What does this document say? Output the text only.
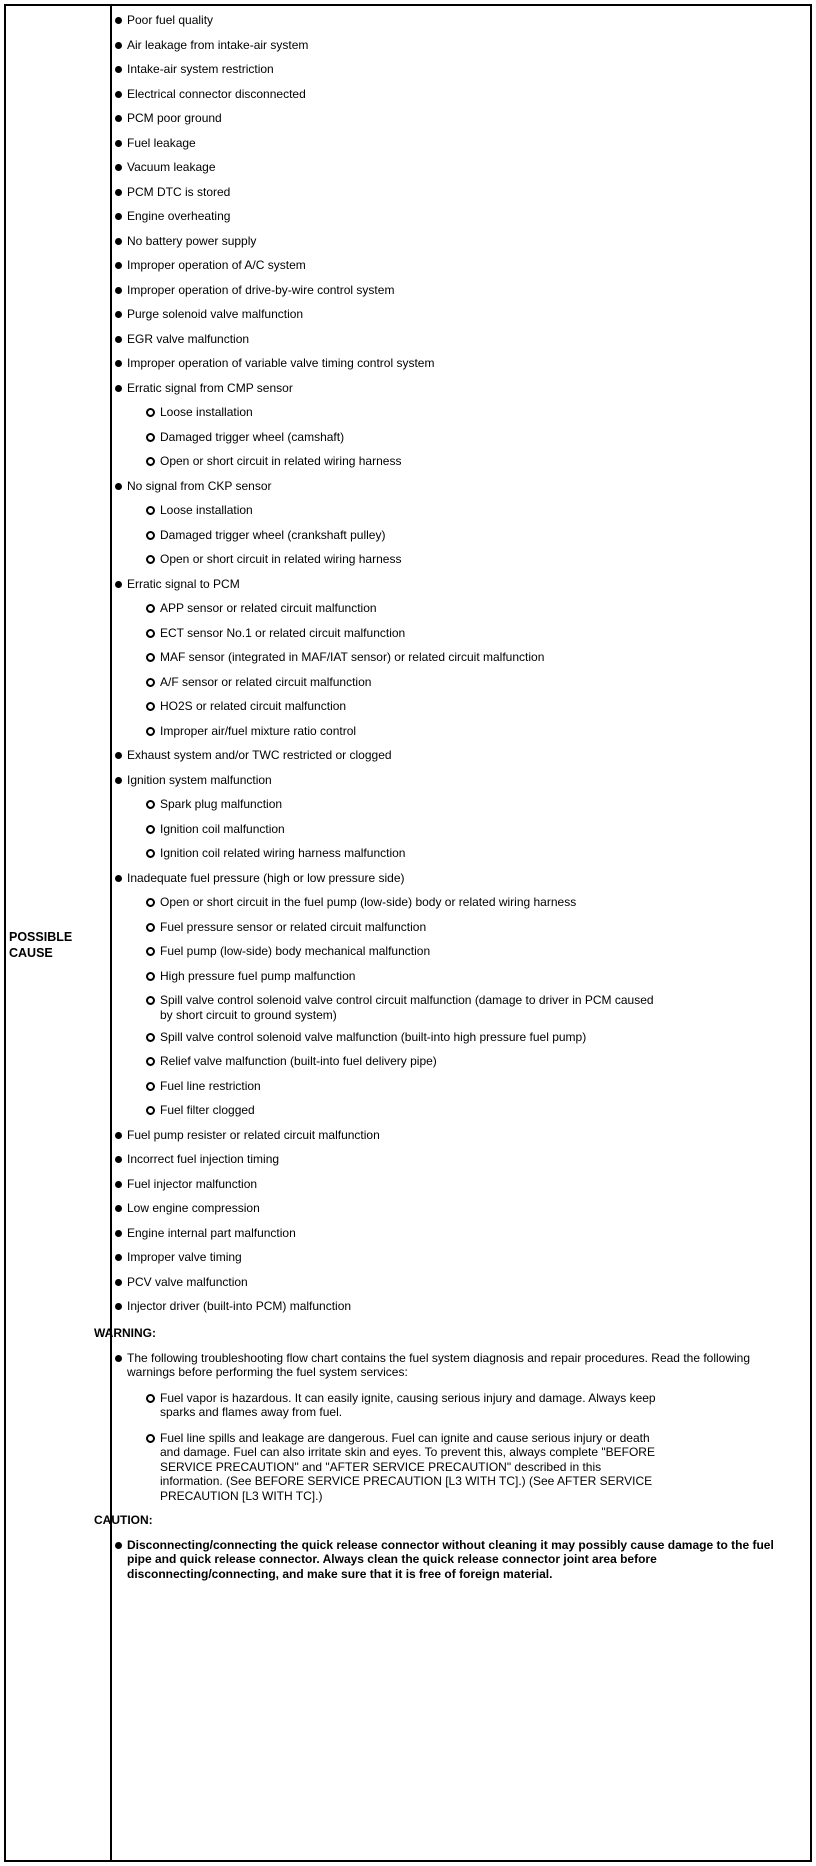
POSSIBLE
CAUSE
Poor fuel quality
Air leakage from intake-air system
Intake-air system restriction
Electrical connector disconnected
PCM poor ground
Fuel leakage
Vacuum leakage
PCM DTC is stored
Engine overheating
No battery power supply
Improper operation of A/C system
Improper operation of drive-by-wire control system
Purge solenoid valve malfunction
EGR valve malfunction
Improper operation of variable valve timing control system
Erratic signal from CMP sensor
Loose installation
Damaged trigger wheel (camshaft)
Open or short circuit in related wiring harness
No signal from CKP sensor
Loose installation
Damaged trigger wheel (crankshaft pulley)
Open or short circuit in related wiring harness
Erratic signal to PCM
APP sensor or related circuit malfunction
ECT sensor No.1 or related circuit malfunction
MAF sensor (integrated in MAF/IAT sensor) or related circuit malfunction
A/F sensor or related circuit malfunction
HO2S or related circuit malfunction
Improper air/fuel mixture ratio control
Exhaust system and/or TWC restricted or clogged
Ignition system malfunction
Spark plug malfunction
Ignition coil malfunction
Ignition coil related wiring harness malfunction
Inadequate fuel pressure (high or low pressure side)
Open or short circuit in the fuel pump (low-side) body or related wiring harness
Fuel pressure sensor or related circuit malfunction
Fuel pump (low-side) body mechanical malfunction
High pressure fuel pump malfunction
Spill valve control solenoid valve control circuit malfunction (damage to driver in PCM caused by short circuit to ground system)
Spill valve control solenoid valve malfunction (built-into high pressure fuel pump)
Relief valve malfunction (built-into fuel delivery pipe)
Fuel line restriction
Fuel filter clogged
Fuel pump resister or related circuit malfunction
Incorrect fuel injection timing
Fuel injector malfunction
Low engine compression
Engine internal part malfunction
Improper valve timing
PCV valve malfunction
Injector driver (built-into PCM) malfunction
WARNING:
The following troubleshooting flow chart contains the fuel system diagnosis and repair procedures. Read the following warnings before performing the fuel system services:
Fuel vapor is hazardous. It can easily ignite, causing serious injury and damage. Always keep sparks and flames away from fuel.
Fuel line spills and leakage are dangerous. Fuel can ignite and cause serious injury or death and damage. Fuel can also irritate skin and eyes. To prevent this, always complete "BEFORE SERVICE PRECAUTION" and "AFTER SERVICE PRECAUTION" described in this information. (See BEFORE SERVICE PRECAUTION [L3 WITH TC].) (See AFTER SERVICE PRECAUTION [L3 WITH TC].)
CAUTION:
Disconnecting/connecting the quick release connector without cleaning it may possibly cause damage to the fuel pipe and quick release connector. Always clean the quick release connector joint area before disconnecting/connecting, and make sure that it is free of foreign material.
